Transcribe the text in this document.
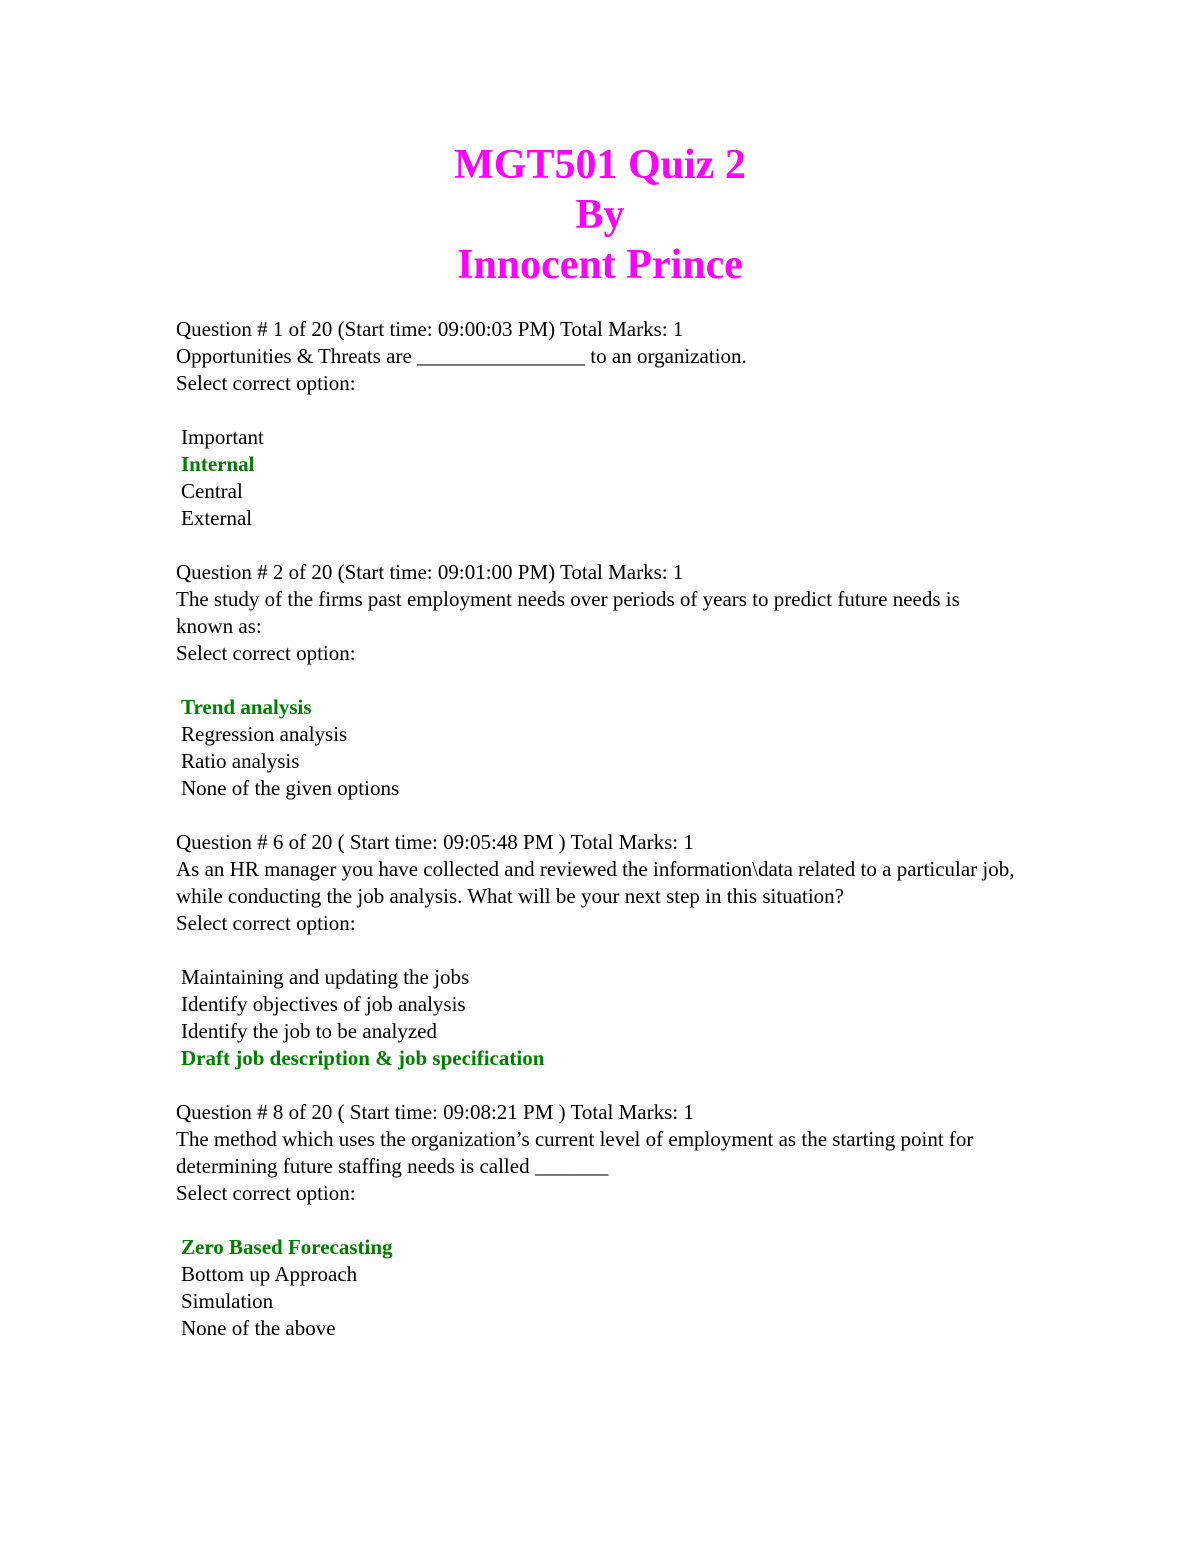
MGT501 Quiz 2
By
Innocent Prince
Question # 1 of 20 (Start time: 09:00:03 PM) Total Marks: 1
Opportunities & Threats are ________________ to an organization.
Select correct option:
Important
Internal
Central
External
Question # 2 of 20 (Start time: 09:01:00 PM) Total Marks: 1
The study of the firms past employment needs over periods of years to predict future needs is known as:
Select correct option:
Trend analysis
Regression analysis
Ratio analysis
None of the given options
Question # 6 of 20 ( Start time: 09:05:48 PM ) Total Marks: 1
As an HR manager you have collected and reviewed the information\data related to a particular job, while conducting the job analysis. What will be your next step in this situation?
Select correct option:
Maintaining and updating the jobs
Identify objectives of job analysis
Identify the job to be analyzed
Draft job description & job specification
Question # 8 of 20 ( Start time: 09:08:21 PM ) Total Marks: 1
The method which uses the organization’s current level of employment as the starting point for determining future staffing needs is called _______
Select correct option:
Zero Based Forecasting
Bottom up Approach
Simulation
None of the above
